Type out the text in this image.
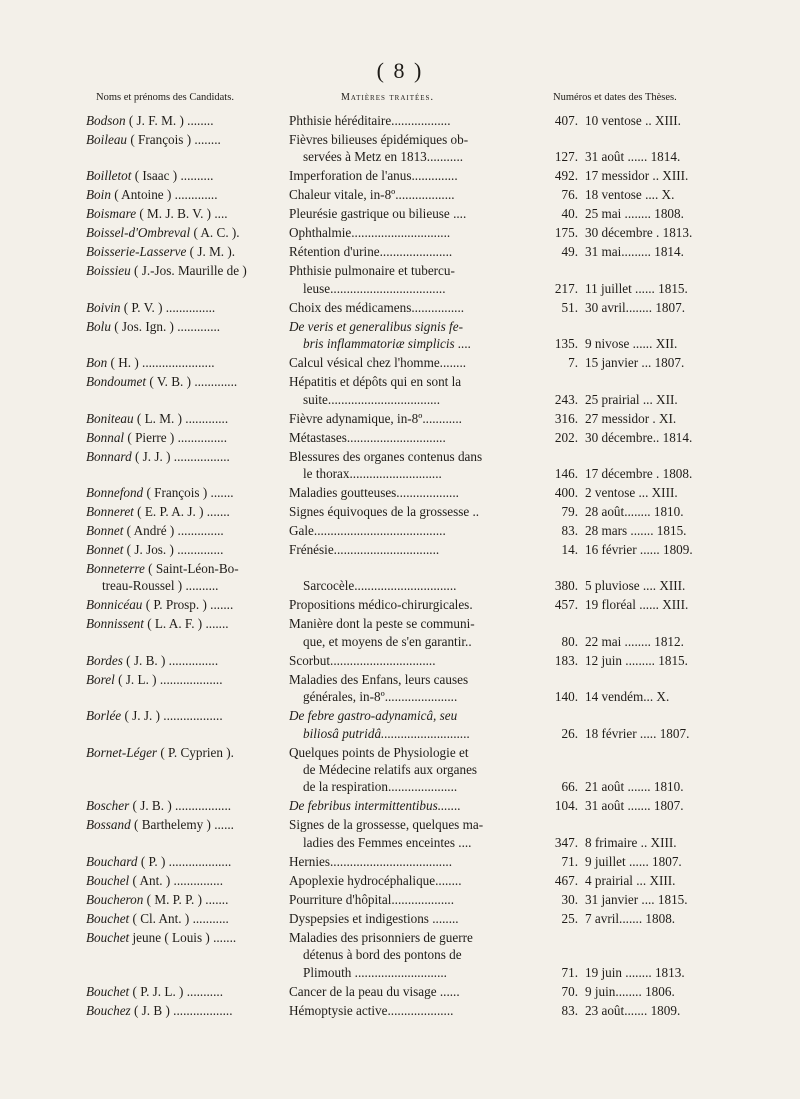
( 8 )
Noms et prénoms des Candidats.	Matières traitées.	Numéros et dates des Thèses.
Bodson ( J. F. M. ) ........	Phthisie héréditaire..................	407. 10 ventose .. XIII.
Boileau ( François ) ........	Fièvres bilieuses épidémiques ob-
servées à Metz en 1813...........	127. 31 août ...... 1814.
Boilletot ( Isaac ) ..........	Imperforation de l'anus..............	492. 17 messidor .. XIII.
Boin ( Antoine ) .............	Chaleur vitale, in-8º..................	76. 18 ventose .... X.
Boismare ( M. J. B. V. ) ....	Pleurésie gastrique ou bilieuse ....	40. 25 mai ........ 1808.
Boissel-d'Ombreval ( A. C. ).	Ophthalmie..............................	175. 30 décembre . 1813.
Boisserie-Lasserve ( J. M. ).	Rétention d'urine......................	49. 31 mai......... 1814.
Boissieu ( J.-Jos. Maurille de )	Phthisie pulmonaire et tubercu-
leuse...................................	217. 11 juillet ...... 1815.
Boivin ( P. V. ) ...............	Choix des médicamens................	51. 30 avril........ 1807.
Bolu ( Jos. Ign. ) .............	De veris et generalibus signis fe-
bris inflammatoriæ simplicis ....	135. 9 nivose ...... XII.
Bon ( H. ) ......................	Calcul vésical chez l'homme........	7. 15 janvier ... 1807.
Bondoumet ( V. B. ) .............	Hépatitis et dépôts qui en sont la
suite..................................	243. 25 prairial ... XII.
Boniteau ( L. M. ) .............	Fièvre adynamique, in-8º............	316. 27 messidor . XI.
Bonnal ( Pierre ) ...............	Métastases..............................	202. 30 décembre.. 1814.
Bonnard ( J. J. ) .................	Blessures des organes contenus dans
le thorax............................	146. 17 décembre . 1808.
Bonnefond ( François ) .......	Maladies goutteuses...................	400. 2 ventose ... XIII.
Bonneret ( E. P. A. J. ) .......	Signes équivoques de la grossesse ..	79. 28 août........ 1810.
Bonnet ( André ) ..............	Gale........................................	83. 28 mars ....... 1815.
Bonnet ( J. Jos. ) ..............	Frénésie................................	14. 16 février ...... 1809.
Bonneterre ( Saint-Léon-Bo-
treau-Roussel ) ..........	Sarcocèle...............................	380. 5 pluviose .... XIII.
Bonnicéau ( P. Prosp. ) .......	Propositions médico-chirurgicales.	457. 19 floréal ...... XIII.
Bonnissent ( L. A. F. ) .......	Manière dont la peste se communi-
que, et moyens de s'en garantir..	80. 22 mai ........ 1812.
Bordes ( J. B. ) ...............	Scorbut................................	183. 12 juin ......... 1815.
Borel ( J. L. ) ...................	Maladies des Enfans, leurs causes
générales, in-8º......................	140. 14 vendém... X.
Borlée ( J. J. ) ..................	De febre gastro-adynamicâ, seu
biliosâ putridâ...........................	26. 18 février ..... 1807.
Bornet-Léger ( P. Cyprien ).	Quelques points de Physiologie et
de Médecine relatifs aux organes
de la respiration.....................	66. 21 août ....... 1810.
Boscher ( J. B. ) .................	De febribus intermittentibus.......	104. 31 août ....... 1807.
Bossand ( Barthelemy ) ......	Signes de la grossesse, quelques ma-
ladies des Femmes enceintes ....	347. 8 frimaire .. XIII.
Bouchard ( P. ) ...................	Hernies.....................................	71. 9 juillet ...... 1807.
Bouchel ( Ant. ) ...............	Apoplexie hydrocéphalique........	467. 4 prairial ... XIII.
Boucheron ( M. P. P. ) .......	Pourriture d'hôpital...................	30. 31 janvier .... 1815.
Bouchet ( Cl. Ant. ) ...........	Dyspepsies et indigestions ........	25. 7 avril....... 1808.
Bouchet jeune ( Louis ) .......	Maladies des prisonniers de guerre
détenus à bord des pontons de
Plimouth ............................	71. 19 juin ........ 1813.
Bouchet ( P. J. L. ) ...........	Cancer de la peau du visage ......	70. 9 juin........ 1806.
Bouchez ( J. B ) ..................	Hémoptysie active....................	83. 23 août....... 1809.
